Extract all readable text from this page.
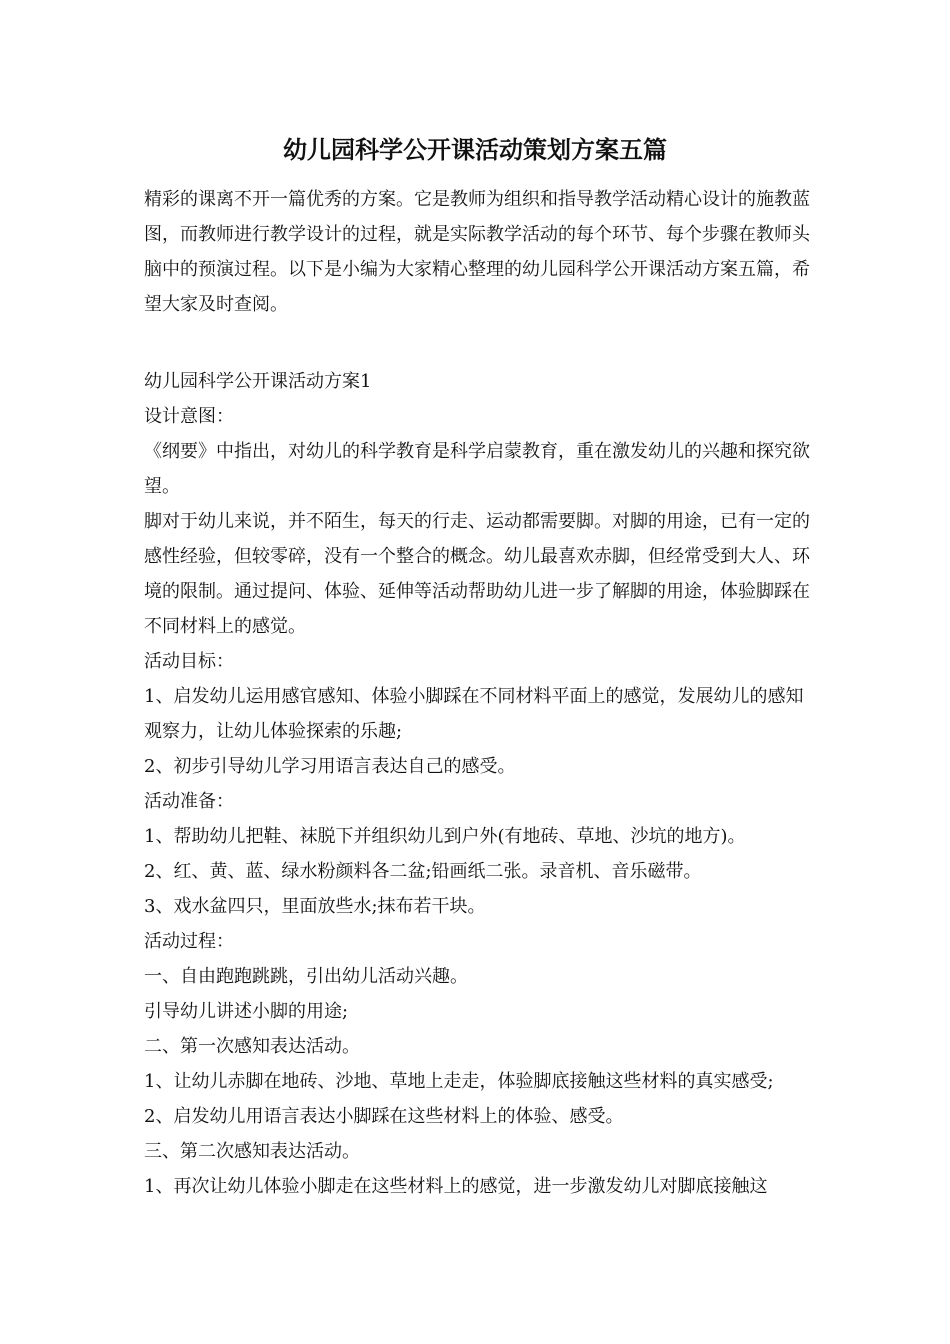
幼儿园科学公开课活动策划方案五篇

精彩的课离不开一篇优秀的方案。它是教师为组织和指导教学活动精心设计的施教蓝图，而教师进行教学设计的过程，就是实际教学活动的每个环节、每个步骤在教师头脑中的预演过程。以下是小编为大家精心整理的幼儿园科学公开课活动方案五篇，希望大家及时查阅。

幼儿园科学公开课活动方案1

设计意图：

《纲要》中指出，对幼儿的科学教育是科学启蒙教育，重在激发幼儿的兴趣和探究欲望。

脚对于幼儿来说，并不陌生，每天的行走、运动都需要脚。对脚的用途，已有一定的感性经验，但较零碎，没有一个整合的概念。幼儿最喜欢赤脚，但经常受到大人、环境的限制。通过提问、体验、延伸等活动帮助幼儿进一步了解脚的用途，体验脚踩在不同材料上的感觉。

活动目标：

1、启发幼儿运用感官感知、体验小脚踩在不同材料平面上的感觉，发展幼儿的感知观察力，让幼儿体验探索的乐趣;

2、初步引导幼儿学习用语言表达自己的感受。

活动准备：

1、帮助幼儿把鞋、袜脱下并组织幼儿到户外(有地砖、草地、沙坑的地方)。

2、红、黄、蓝、绿水粉颜料各二盆;铅画纸二张。录音机、音乐磁带。

3、戏水盆四只，里面放些水;抹布若干块。

活动过程：

一、自由跑跑跳跳，引出幼儿活动兴趣。

引导幼儿讲述小脚的用途;

二、第一次感知表达活动。

1、让幼儿赤脚在地砖、沙地、草地上走走，体验脚底接触这些材料的真实感受;

2、启发幼儿用语言表达小脚踩在这些材料上的体验、感受。

三、第二次感知表达活动。

1、再次让幼儿体验小脚走在这些材料上的感觉，进一步激发幼儿对脚底接触这
